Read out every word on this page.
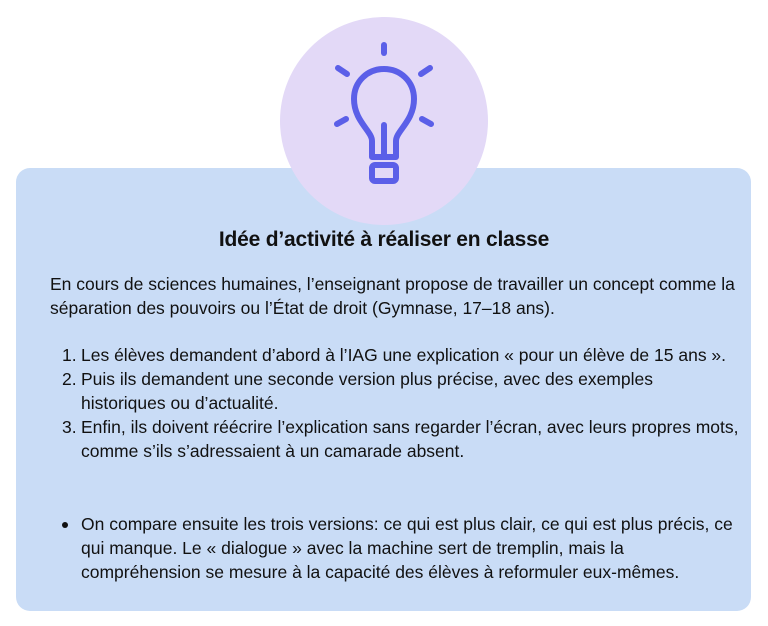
Idée d’activité à réaliser en classe
En cours de sciences humaines, l’enseignant propose de travailler un concept comme la séparation des pouvoirs ou l’État de droit (Gymnase, 17–18 ans).
1. Les élèves demandent d’abord à l’IAG une explication « pour un élève de 15 ans ».
2. Puis ils demandent une seconde version plus précise, avec des exemples historiques ou d’actualité.
3. Enfin, ils doivent réécrire l’explication sans regarder l’écran, avec leurs propres mots, comme s’ils s’adressaient à un camarade absent.
On compare ensuite les trois versions: ce qui est plus clair, ce qui est plus précis, ce qui manque. Le « dialogue » avec la machine sert de tremplin, mais la compréhension se mesure à la capacité des élèves à reformuler eux-mêmes.
